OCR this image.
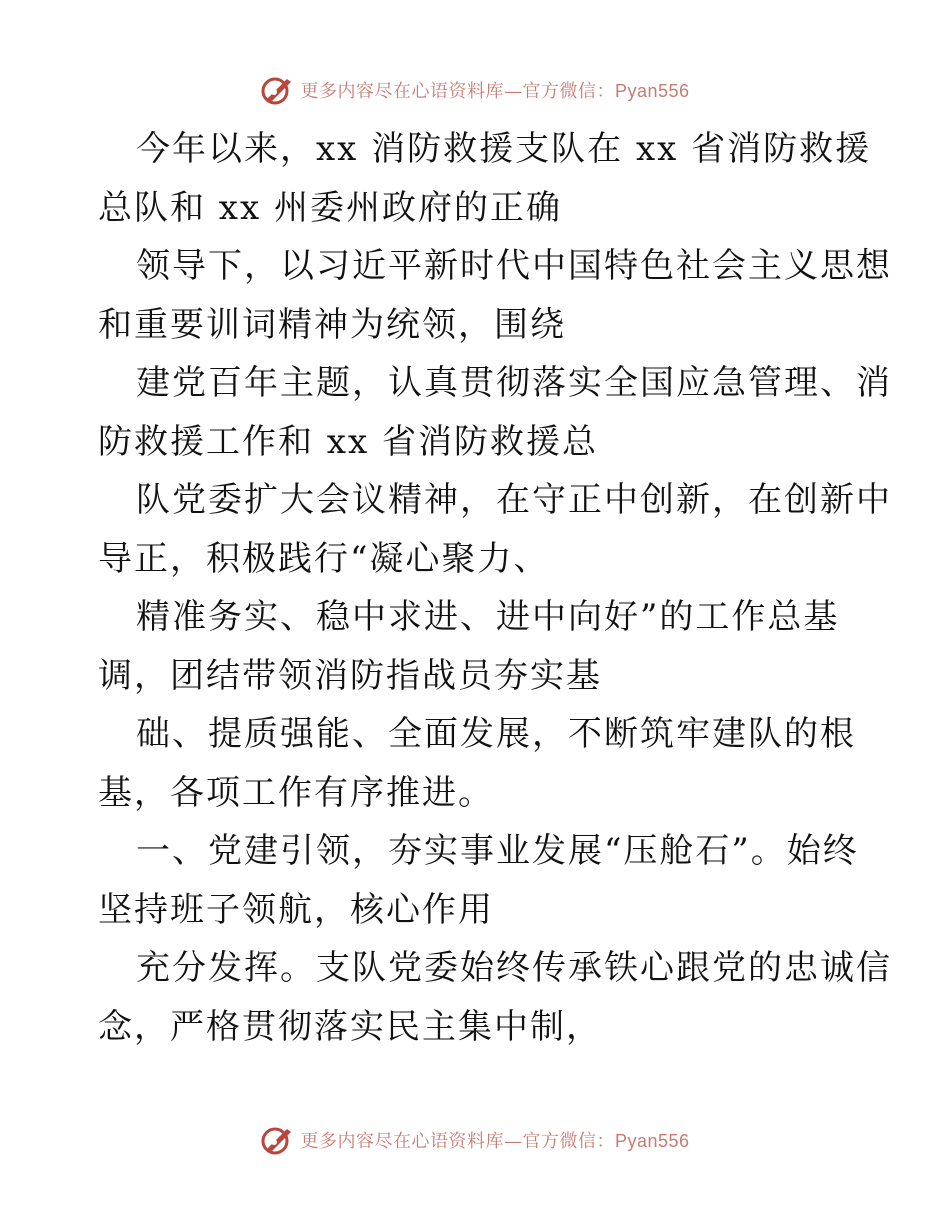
更多内容尽在心语资料库—官方微信：Pyan556

今年以来，xx 消防救援支队在 xx 省消防救援
总队和 xx 州委州政府的正确

领导下，以习近平新时代中国特色社会主义思想
和重要训词精神为统领，围绕

建党百年主题，认真贯彻落实全国应急管理、消
防救援工作和 xx 省消防救援总

队党委扩大会议精神，在守正中创新，在创新中
导正，积极践行“凝心聚力、

精准务实、稳中求进、进中向好”的工作总基
调，团结带领消防指战员夯实基

础、提质强能、全面发展，不断筑牢建队的根
基，各项工作有序推进。

一、党建引领，夯实事业发展“压舱石”。始终
坚持班子领航，核心作用

充分发挥。支队党委始终传承铁心跟党的忠诚信
念，严格贯彻落实民主集中制，

更多内容尽在心语资料库—官方微信：Pyan556
